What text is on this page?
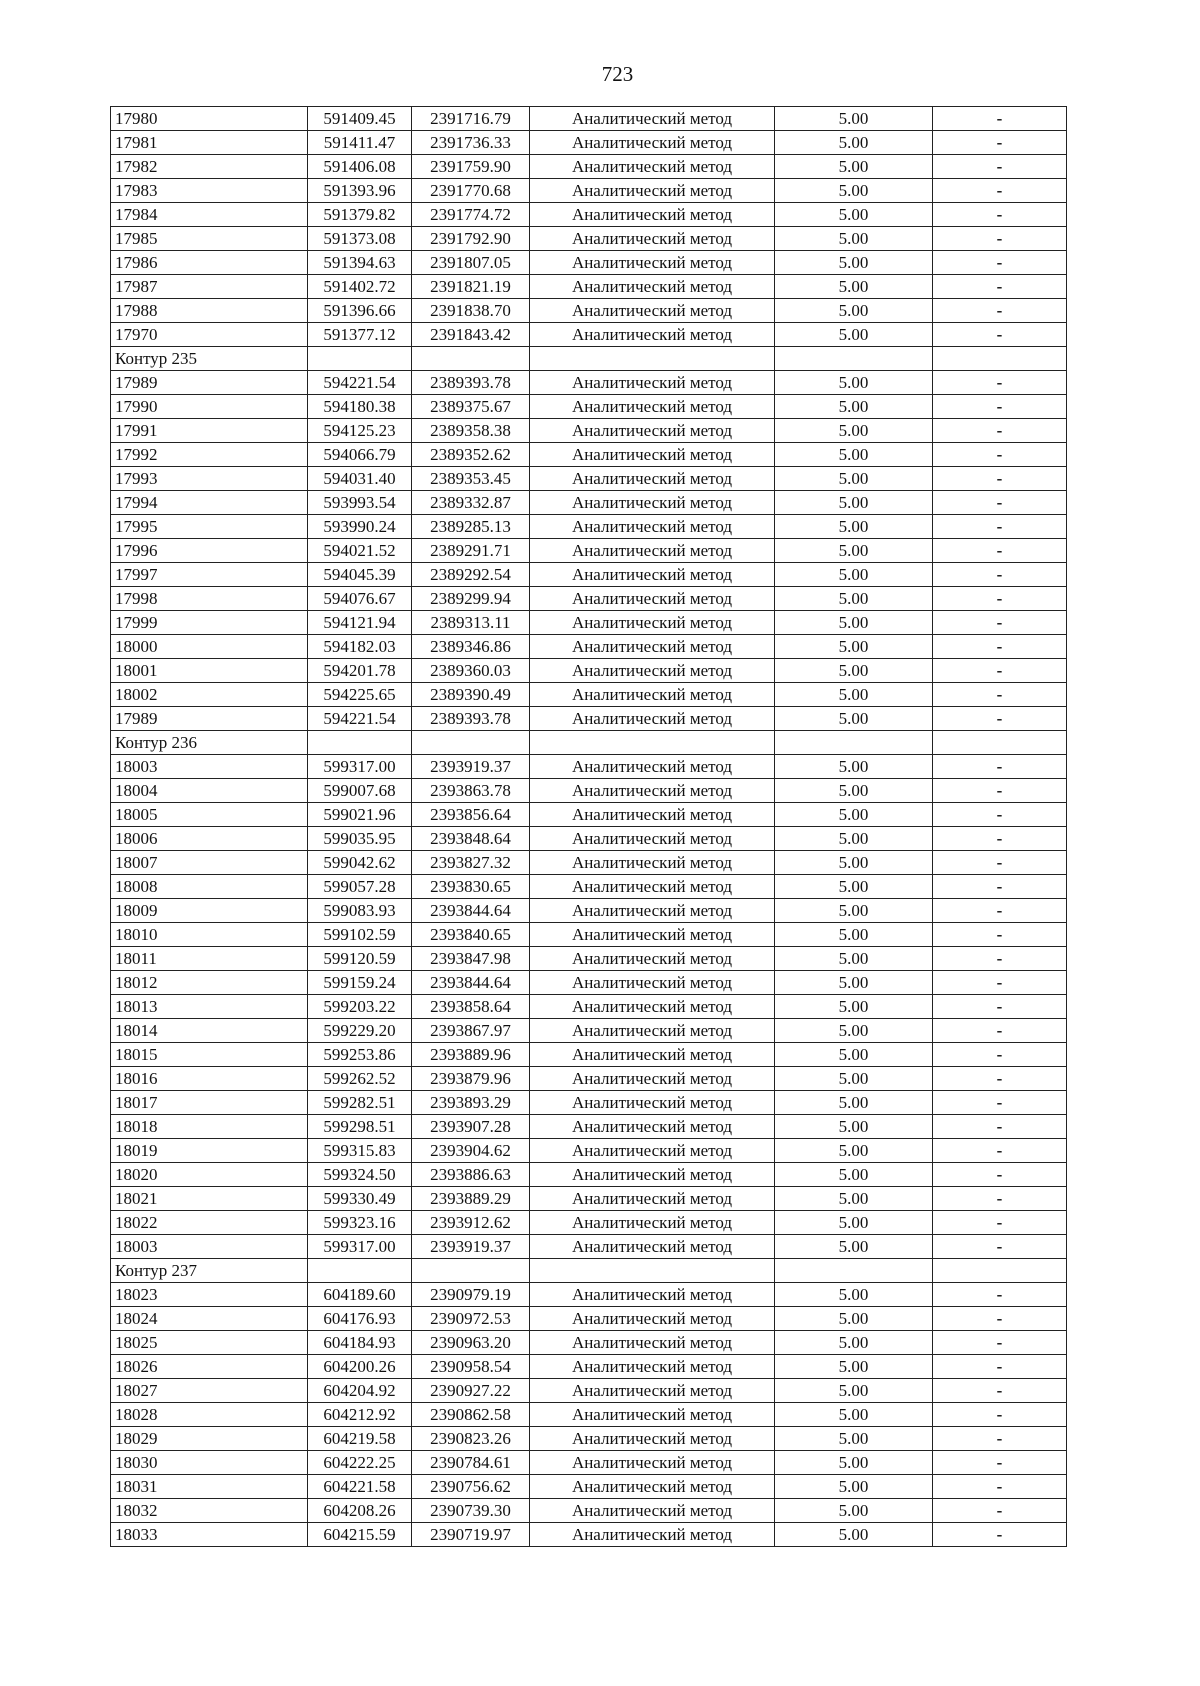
723
17980	591409.45	2391716.79	Аналитический метод	5.00	-
17981	591411.47	2391736.33	Аналитический метод	5.00	-
17982	591406.08	2391759.90	Аналитический метод	5.00	-
17983	591393.96	2391770.68	Аналитический метод	5.00	-
17984	591379.82	2391774.72	Аналитический метод	5.00	-
17985	591373.08	2391792.90	Аналитический метод	5.00	-
17986	591394.63	2391807.05	Аналитический метод	5.00	-
17987	591402.72	2391821.19	Аналитический метод	5.00	-
17988	591396.66	2391838.70	Аналитический метод	5.00	-
17970	591377.12	2391843.42	Аналитический метод	5.00	-
Контур 235					
17989	594221.54	2389393.78	Аналитический метод	5.00	-
17990	594180.38	2389375.67	Аналитический метод	5.00	-
17991	594125.23	2389358.38	Аналитический метод	5.00	-
17992	594066.79	2389352.62	Аналитический метод	5.00	-
17993	594031.40	2389353.45	Аналитический метод	5.00	-
17994	593993.54	2389332.87	Аналитический метод	5.00	-
17995	593990.24	2389285.13	Аналитический метод	5.00	-
17996	594021.52	2389291.71	Аналитический метод	5.00	-
17997	594045.39	2389292.54	Аналитический метод	5.00	-
17998	594076.67	2389299.94	Аналитический метод	5.00	-
17999	594121.94	2389313.11	Аналитический метод	5.00	-
18000	594182.03	2389346.86	Аналитический метод	5.00	-
18001	594201.78	2389360.03	Аналитический метод	5.00	-
18002	594225.65	2389390.49	Аналитический метод	5.00	-
17989	594221.54	2389393.78	Аналитический метод	5.00	-
Контур 236					
18003	599317.00	2393919.37	Аналитический метод	5.00	-
18004	599007.68	2393863.78	Аналитический метод	5.00	-
18005	599021.96	2393856.64	Аналитический метод	5.00	-
18006	599035.95	2393848.64	Аналитический метод	5.00	-
18007	599042.62	2393827.32	Аналитический метод	5.00	-
18008	599057.28	2393830.65	Аналитический метод	5.00	-
18009	599083.93	2393844.64	Аналитический метод	5.00	-
18010	599102.59	2393840.65	Аналитический метод	5.00	-
18011	599120.59	2393847.98	Аналитический метод	5.00	-
18012	599159.24	2393844.64	Аналитический метод	5.00	-
18013	599203.22	2393858.64	Аналитический метод	5.00	-
18014	599229.20	2393867.97	Аналитический метод	5.00	-
18015	599253.86	2393889.96	Аналитический метод	5.00	-
18016	599262.52	2393879.96	Аналитический метод	5.00	-
18017	599282.51	2393893.29	Аналитический метод	5.00	-
18018	599298.51	2393907.28	Аналитический метод	5.00	-
18019	599315.83	2393904.62	Аналитический метод	5.00	-
18020	599324.50	2393886.63	Аналитический метод	5.00	-
18021	599330.49	2393889.29	Аналитический метод	5.00	-
18022	599323.16	2393912.62	Аналитический метод	5.00	-
18003	599317.00	2393919.37	Аналитический метод	5.00	-
Контур 237					
18023	604189.60	2390979.19	Аналитический метод	5.00	-
18024	604176.93	2390972.53	Аналитический метод	5.00	-
18025	604184.93	2390963.20	Аналитический метод	5.00	-
18026	604200.26	2390958.54	Аналитический метод	5.00	-
18027	604204.92	2390927.22	Аналитический метод	5.00	-
18028	604212.92	2390862.58	Аналитический метод	5.00	-
18029	604219.58	2390823.26	Аналитический метод	5.00	-
18030	604222.25	2390784.61	Аналитический метод	5.00	-
18031	604221.58	2390756.62	Аналитический метод	5.00	-
18032	604208.26	2390739.30	Аналитический метод	5.00	-
18033	604215.59	2390719.97	Аналитический метод	5.00	-
